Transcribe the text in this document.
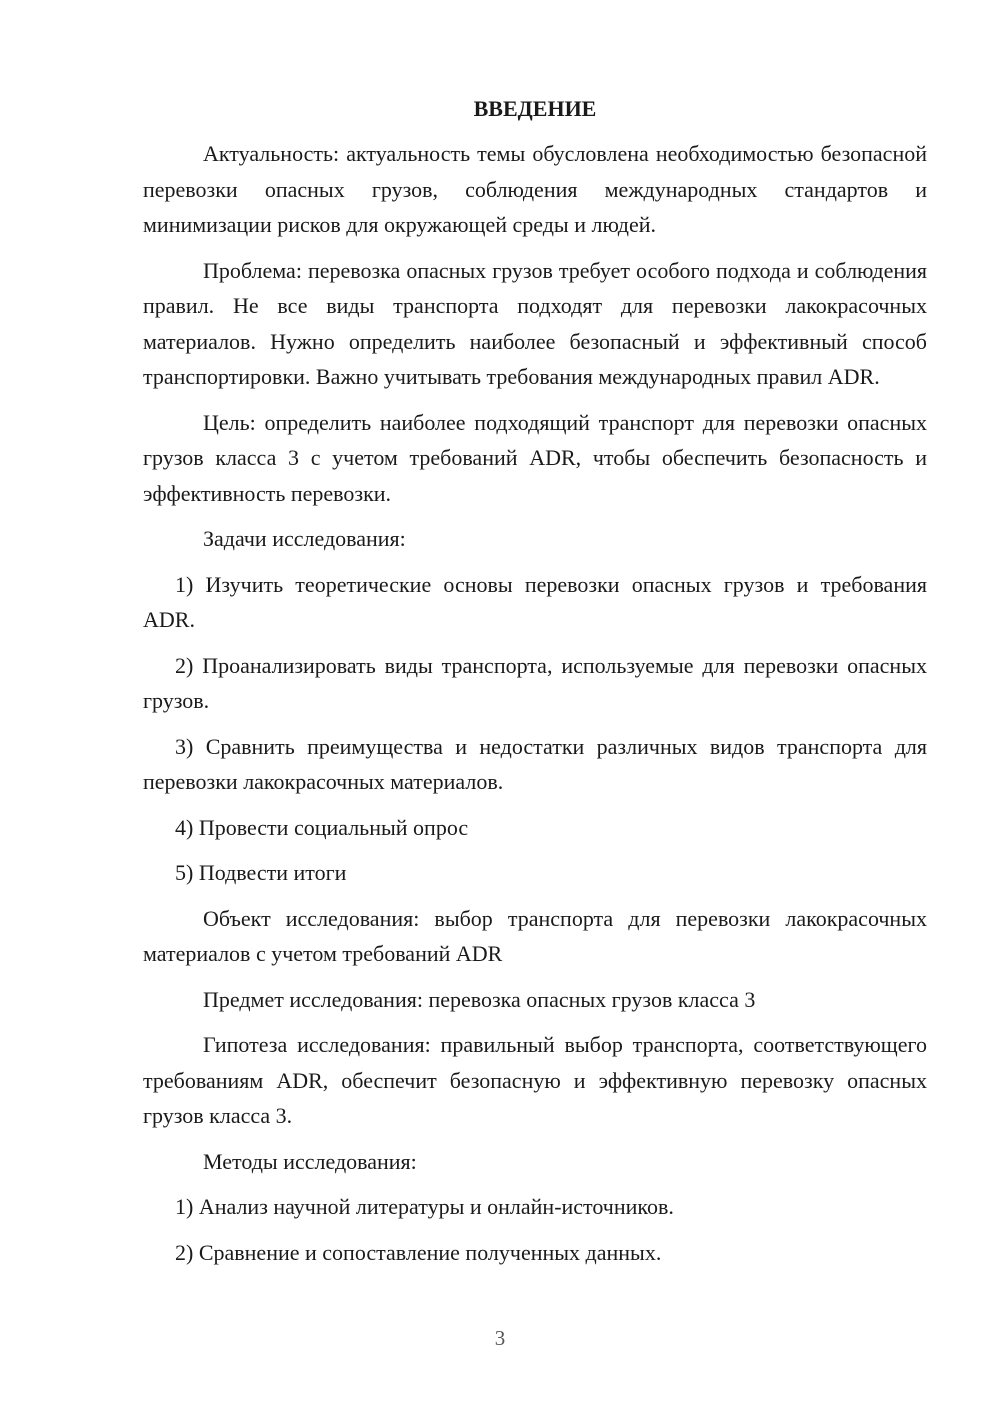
ВВЕДЕНИЕ

Актуальность: актуальность темы обусловлена необходимостью безопасной перевозки опасных грузов, соблюдения международных стандартов и минимизации рисков для окружающей среды и людей.

Проблема: перевозка опасных грузов требует особого подхода и соблюдения правил. Не все виды транспорта подходят для перевозки лакокрасочных материалов. Нужно определить наиболее безопасный и эффективный способ транспортировки. Важно учитывать требования международных правил ADR.

Цель: определить наиболее подходящий транспорт для перевозки опасных грузов класса 3 с учетом требований ADR, чтобы обеспечить безопасность и эффективность перевозки.

Задачи исследования:

1) Изучить теоретические основы перевозки опасных грузов и требования ADR.

2) Проанализировать виды транспорта, используемые для перевозки опасных грузов.

3) Сравнить преимущества и недостатки различных видов транспорта для перевозки лакокрасочных материалов.

4) Провести социальный опрос

5) Подвести итоги

Объект исследования: выбор транспорта для перевозки лакокрасочных материалов с учетом требований ADR

Предмет исследования: перевозка опасных грузов класса 3

Гипотеза исследования: правильный выбор транспорта, соответствующего требованиям ADR, обеспечит безопасную и эффективную перевозку опасных грузов класса 3.

Методы исследования:

1) Анализ научной литературы и онлайн-источников.

2) Сравнение и сопоставление полученных данных.

3
